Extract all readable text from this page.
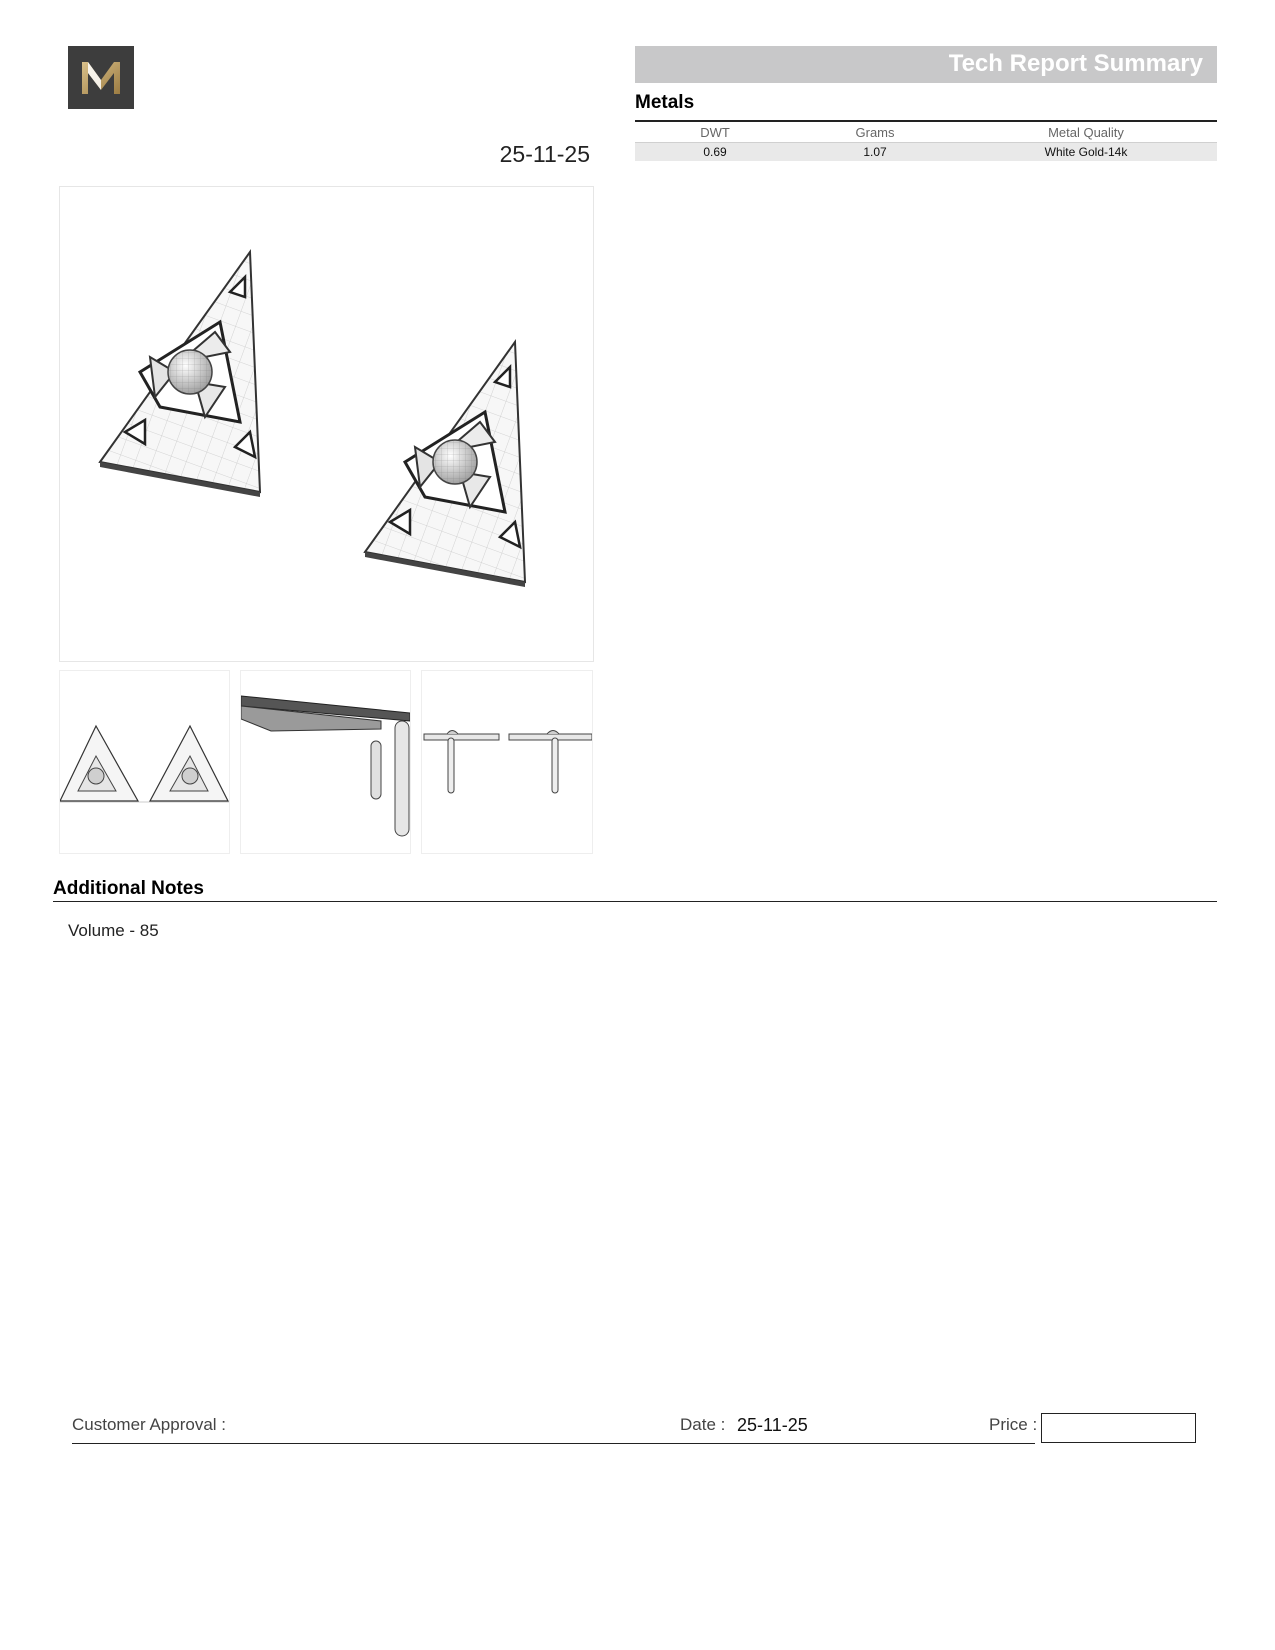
25-11-25
Tech Report Summary
Metals
DWT	Grams	Metal Quality
0.69	1.07	White Gold-14k
Additional Notes
Volume - 85
Customer Approval :	Date : 25-11-25	Price :
